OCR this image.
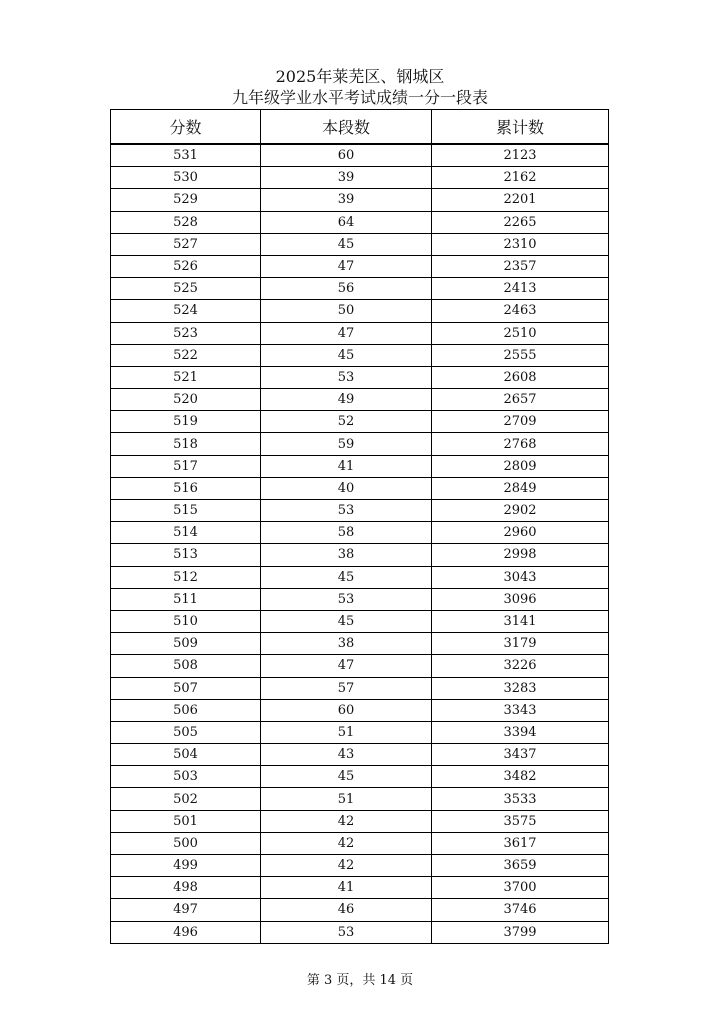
2025年莱芜区、钢城区
九年级学业水平考试成绩一分一段表
分数	本段数	累计数
531	60	2123
530	39	2162
529	39	2201
528	64	2265
527	45	2310
526	47	2357
525	56	2413
524	50	2463
523	47	2510
522	45	2555
521	53	2608
520	49	2657
519	52	2709
518	59	2768
517	41	2809
516	40	2849
515	53	2902
514	58	2960
513	38	2998
512	45	3043
511	53	3096
510	45	3141
509	38	3179
508	47	3226
507	57	3283
506	60	3343
505	51	3394
504	43	3437
503	45	3482
502	51	3533
501	42	3575
500	42	3617
499	42	3659
498	41	3700
497	46	3746
496	53	3799
第 3 页，共 14 页
